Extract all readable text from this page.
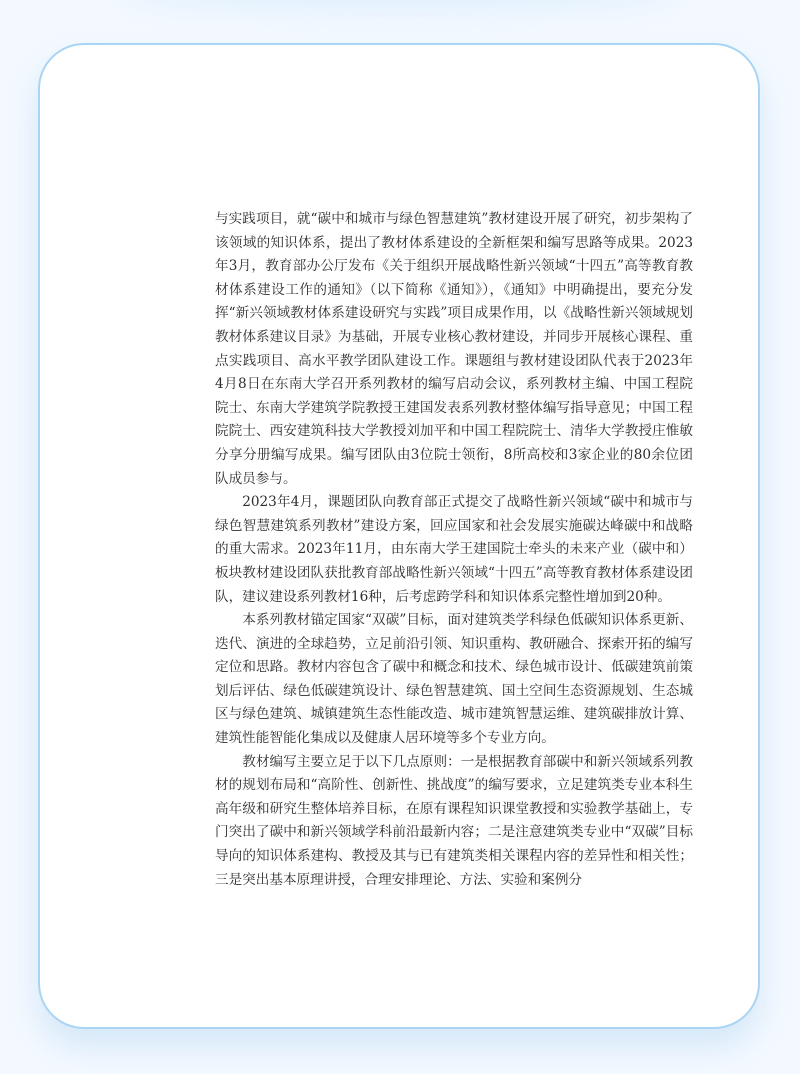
与实践项目，就“碳中和城市与绿色智慧建筑”教材建设开展了研究，初步架构了该领域的知识体系，提出了教材体系建设的全新框架和编写思路等成果。2023年3月，教育部办公厅发布《关于组织开展战略性新兴领域“十四五”高等教育教材体系建设工作的通知》（以下简称《通知》），《通知》中明确提出，要充分发挥“新兴领域教材体系建设研究与实践”项目成果作用，以《战略性新兴领域规划教材体系建议目录》为基础，开展专业核心教材建设，并同步开展核心课程、重点实践项目、高水平教学团队建设工作。课题组与教材建设团队代表于2023年4月8日在东南大学召开系列教材的编写启动会议，系列教材主编、中国工程院院士、东南大学建筑学院教授王建国发表系列教材整体编写指导意见；中国工程院院士、西安建筑科技大学教授刘加平和中国工程院院士、清华大学教授庄惟敏分享分册编写成果。编写团队由3位院士领衔，8所高校和3家企业的80余位团队成员参与。

2023年4月，课题团队向教育部正式提交了战略性新兴领域“碳中和城市与绿色智慧建筑系列教材”建设方案，回应国家和社会发展实施碳达峰碳中和战略的重大需求。2023年11月，由东南大学王建国院士牵头的未来产业（碳中和）板块教材建设团队获批教育部战略性新兴领域“十四五”高等教育教材体系建设团队，建议建设系列教材16种，后考虑跨学科和知识体系完整性增加到20种。

本系列教材锚定国家“双碳”目标，面对建筑类学科绿色低碳知识体系更新、迭代、演进的全球趋势，立足前沿引领、知识重构、教研融合、探索开拓的编写定位和思路。教材内容包含了碳中和概念和技术、绿色城市设计、低碳建筑前策划后评估、绿色低碳建筑设计、绿色智慧建筑、国土空间生态资源规划、生态城区与绿色建筑、城镇建筑生态性能改造、城市建筑智慧运维、建筑碳排放计算、建筑性能智能化集成以及健康人居环境等多个专业方向。

教材编写主要立足于以下几点原则：一是根据教育部碳中和新兴领域系列教材的规划布局和“高阶性、创新性、挑战度”的编写要求，立足建筑类专业本科生高年级和研究生整体培养目标，在原有课程知识课堂教授和实验教学基础上，专门突出了碳中和新兴领域学科前沿最新内容；二是注意建筑类专业中“双碳”目标导向的知识体系建构、教授及其与已有建筑类相关课程内容的差异性和相关性；三是突出基本原理讲授，合理安排理论、方法、实验和案例分
